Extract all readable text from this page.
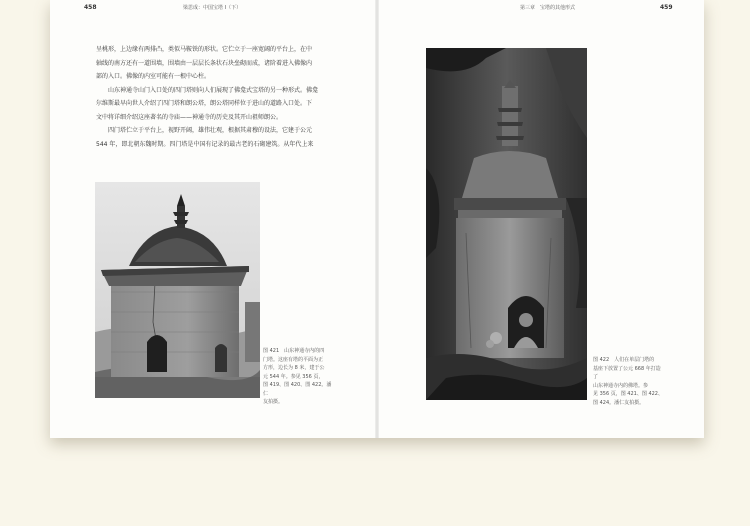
458	梁思成：中国宝塔 I（下）
呈桃形，上边缘有两排凸，类似马鞍铁的形状。它伫立于一座宽阔的平台上，在中
轴线的南方还有一道围墙，围墙由一层层长条状石块垒砌而成，诸阶着进入佛像内
部的入口。佛像的内室可能有一根中心柱。
山东神通寺山门入口处的四门塔则向人们展现了佛龛式宝塔的另一种形式。佛龛
尔维斯最早向世人介绍了四门塔和朗公塔，朗公塔同样位于进山的道路入口处。下
文中将详细介绍这座著名的寺庙——神通寺的历史及其开山祖师朗公。
四门塔伫立于平台上，视野开阔，雄伟壮观，根据其肃穆的设法，它建于公元
544 年，即北朝东魏时期。四门塔是中国有记录的最古老的石砌建筑。从年代上来
图 421　山东神通寺内的四
门塔。这座有塔的平面为正
方形，边长为 8 米，建于公
元 544 年。参见 356 页，
图 419、图 420、图 422。潘仁
友拍摄。
第三章　宝塔的其他形式	459
图 422　人们在单层门塔的
基座下放置了公元 668 年打造了
山东神通寺内的佛塔。参
见 356 页，图 421、图 422、
图 424。潘仁友拍摄。
